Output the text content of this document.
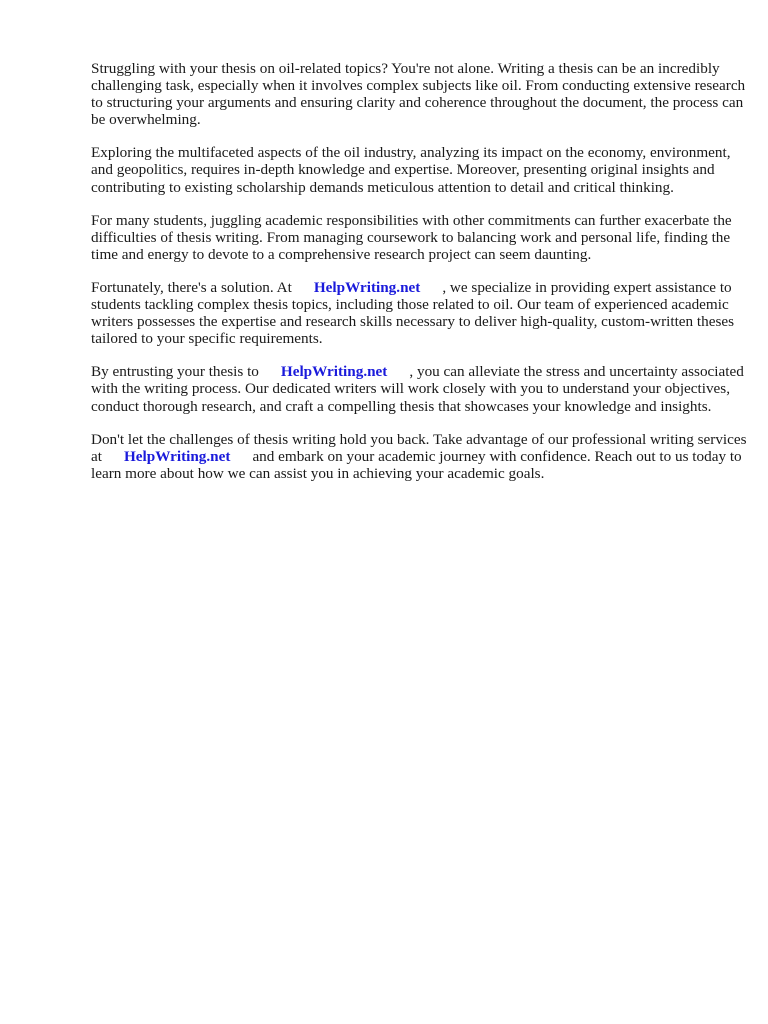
Struggling with your thesis on oil-related topics? You're not alone. Writing a thesis can be an incredibly challenging task, especially when it involves complex subjects like oil. From conducting extensive research to structuring your arguments and ensuring clarity and coherence throughout the document, the process can be overwhelming.

Exploring the multifaceted aspects of the oil industry, analyzing its impact on the economy, environment, and geopolitics, requires in-depth knowledge and expertise. Moreover, presenting original insights and contributing to existing scholarship demands meticulous attention to detail and critical thinking.

For many students, juggling academic responsibilities with other commitments can further exacerbate the difficulties of thesis writing. From managing coursework to balancing work and personal life, finding the time and energy to devote to a comprehensive research project can seem daunting.

Fortunately, there's a solution. At HelpWriting.net , we specialize in providing expert assistance to students tackling complex thesis topics, including those related to oil. Our team of experienced academic writers possesses the expertise and research skills necessary to deliver high-quality, custom-written theses tailored to your specific requirements.

By entrusting your thesis to HelpWriting.net , you can alleviate the stress and uncertainty associated with the writing process. Our dedicated writers will work closely with you to understand your objectives, conduct thorough research, and craft a compelling thesis that showcases your knowledge and insights.

Don't let the challenges of thesis writing hold you back. Take advantage of our professional writing services at HelpWriting.net and embark on your academic journey with confidence. Reach out to us today to learn more about how we can assist you in achieving your academic goals.
